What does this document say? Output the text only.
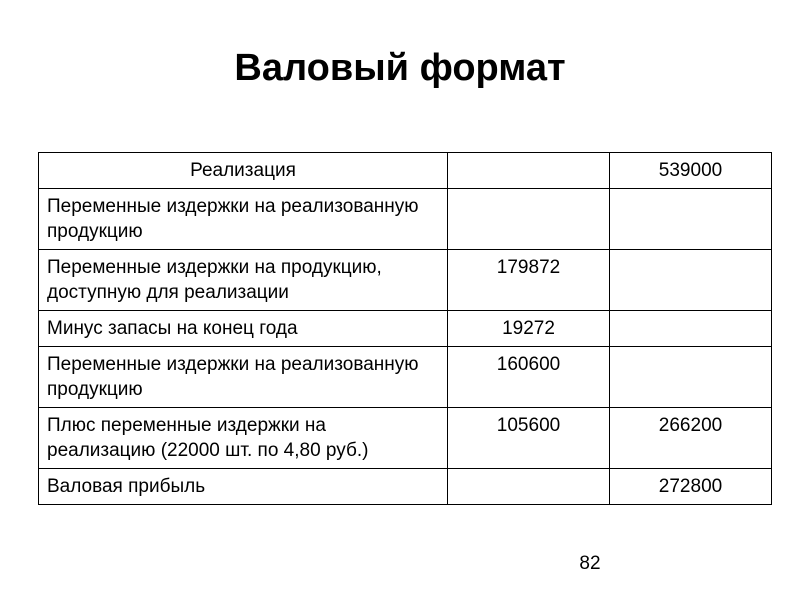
Валовый формат
Реализация		539000
Переменные издержки на реализованную продукцию		
Переменные издержки на продукцию, доступную для реализации	179872	
Минус запасы на конец года	19272	
Переменные издержки на реализованную продукцию	160600	
Плюс переменные издержки на реализацию (22000 шт. по 4,80 руб.)	105600	266200
Валовая прибыль		272800
82
